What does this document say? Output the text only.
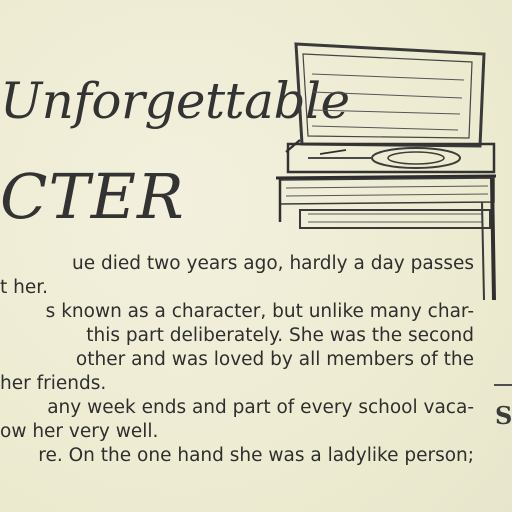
Unforgettable
CTER

ue died two years ago, hardly a day passes

t her.

s known as a character, but unlike many char-

this part deliberately. She was the second

other and was loved by all members of the

her friends.

any week ends and part of every school vaca-

ow her very well.

re. On the one hand she was a ladylike person;

S
